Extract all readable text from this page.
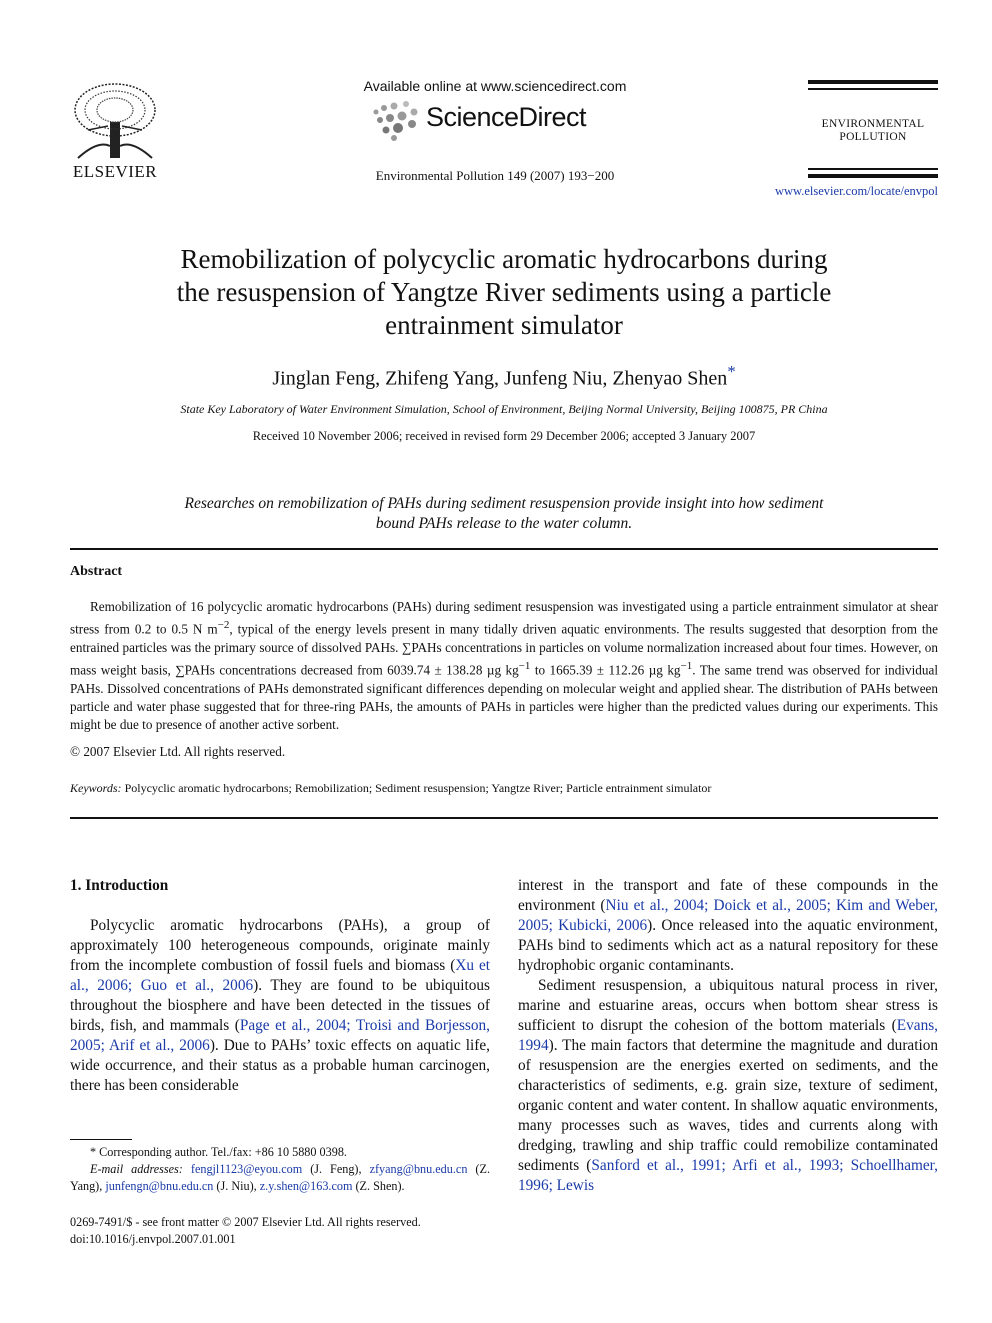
ELSEVIER
Available online at www.sciencedirect.com
ScienceDirect
Environmental Pollution 149 (2007) 193−200
ENVIRONMENTAL
POLLUTION
www.elsevier.com/locate/envpol
Remobilization of polycyclic aromatic hydrocarbons during
the resuspension of Yangtze River sediments using a particle
entrainment simulator
Jinglan Feng, Zhifeng Yang, Junfeng Niu, Zhenyao Shen*
State Key Laboratory of Water Environment Simulation, School of Environment, Beijing Normal University, Beijing 100875, PR China
Received 10 November 2006; received in revised form 29 December 2006; accepted 3 January 2007
Researches on remobilization of PAHs during sediment resuspension provide insight into how sediment
bound PAHs release to the water column.
Abstract

Remobilization of 16 polycyclic aromatic hydrocarbons (PAHs) during sediment resuspension was investigated using a particle entrainment simulator at shear stress from 0.2 to 0.5 N $m^{-2}$, typical of the energy levels present in many tidally driven aquatic environments. The results suggested that desorption from the entrained particles was the primary source of dissolved PAHs. ∑PAHs concentrations in particles on volume normalization increased about four times. However, on mass weight basis, ∑PAHs concentrations decreased from 6039.74 ± 138.28 µg $kg^{-1}$ to 1665.39 ± 112.26 µg $kg^{-1}$. The same trend was observed for individual PAHs. Dissolved concentrations of PAHs demonstrated significant differences depending on molecular weight and applied shear. The distribution of PAHs between particle and water phase suggested that for three-ring PAHs, the amounts of PAHs in particles were higher than the predicted values during our experiments. This might be due to presence of another active sorbent.

© 2007 Elsevier Ltd. All rights reserved.
Keywords: Polycyclic aromatic hydrocarbons; Remobilization; Sediment resuspension; Yangtze River; Particle entrainment simulator
1. Introduction

Polycyclic aromatic hydrocarbons (PAHs), a group of approximately 100 heterogeneous compounds, originate mainly from the incomplete combustion of fossil fuels and biomass (Xu et al., 2006; Guo et al., 2006). They are found to be ubiquitous throughout the biosphere and have been detected in the tissues of birds, fish, and mammals (Page et al., 2004; Troisi and Borjesson, 2005; Arif et al., 2006). Due to PAHs’ toxic effects on aquatic life, wide occurrence, and their status as a probable human carcinogen, there has been considerable

interest in the transport and fate of these compounds in the environment (Niu et al., 2004; Doick et al., 2005; Kim and Weber, 2005; Kubicki, 2006). Once released into the aquatic environment, PAHs bind to sediments which act as a natural repository for these hydrophobic organic contaminants.

Sediment resuspension, a ubiquitous natural process in river, marine and estuarine areas, occurs when bottom shear stress is sufficient to disrupt the cohesion of the bottom materials (Evans, 1994). The main factors that determine the magnitude and duration of resuspension are the energies exerted on sediments, and the characteristics of sediments, e.g. grain size, texture of sediment, organic content and water content. In shallow aquatic environments, many processes such as waves, tides and currents along with dredging, trawling and ship traffic could remobilize contaminated sediments (Sanford et al., 1991; Arfi et al., 1993; Schoellhamer, 1996; Lewis

* Corresponding author. Tel./fax: +86 10 5880 0398.
E-mail addresses: fengjl1123@eyou.com (J. Feng), zfyang@bnu.edu.cn (Z. Yang), junfengn@bnu.edu.cn (J. Niu), z.y.shen@163.com (Z. Shen).
0269-7491/$ - see front matter © 2007 Elsevier Ltd. All rights reserved.
doi:10.1016/j.envpol.2007.01.001
